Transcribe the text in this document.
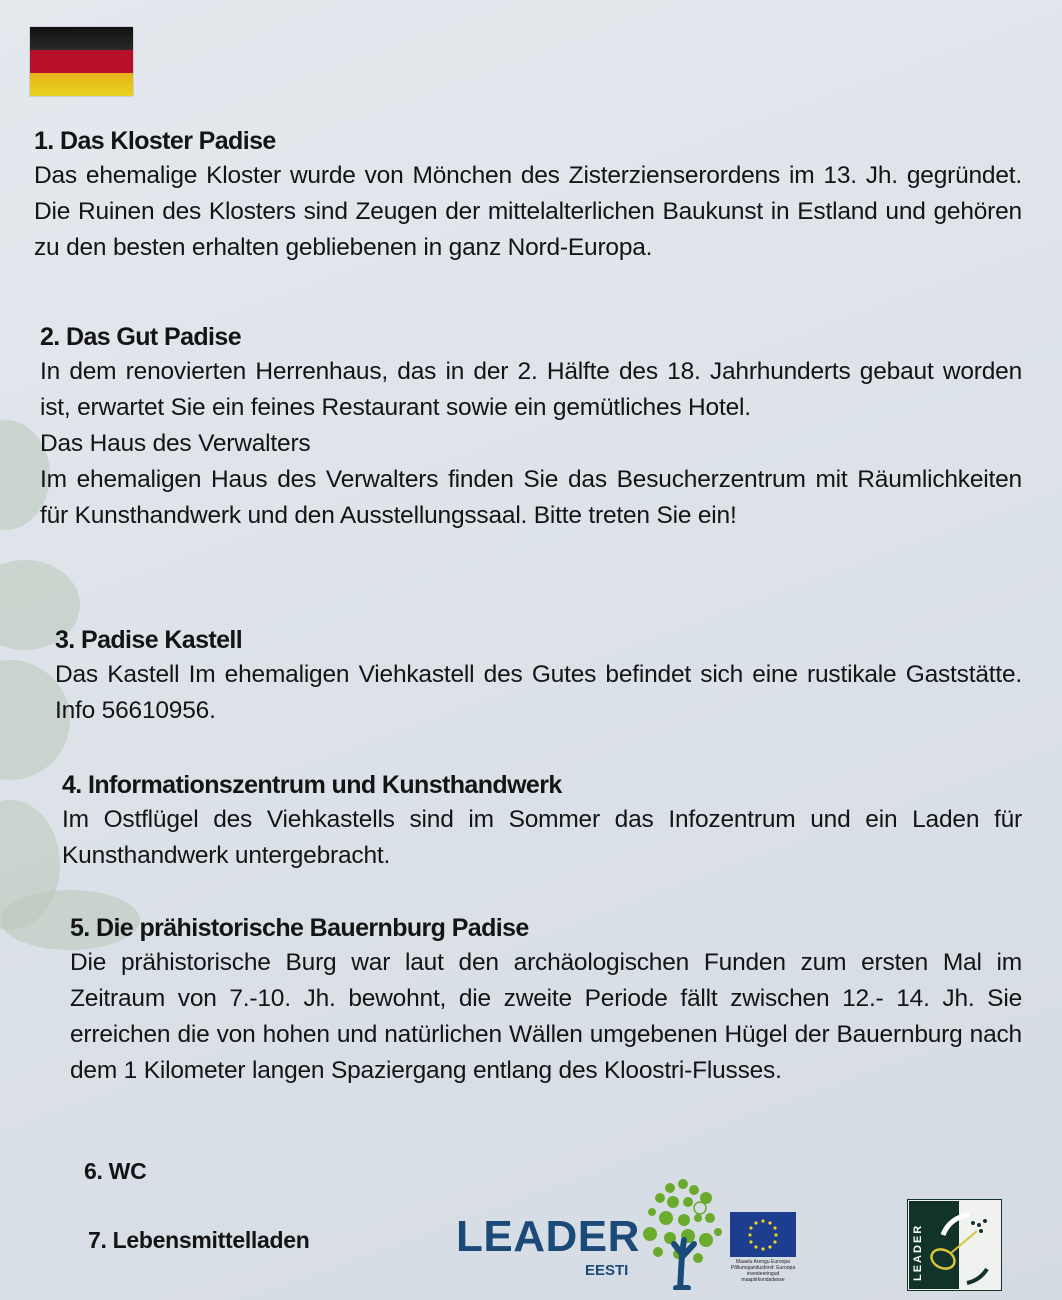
1. Das Kloster Padise

Das ehemalige Kloster wurde von Mönchen des Zisterzienserordens im 13. Jh. gegründet. Die Ruinen des Klosters sind Zeugen der mittelalterlichen Baukunst in Estland und gehören zu den besten erhalten gebliebenen in ganz Nord-Europa.

2. Das Gut Padise

In dem renovierten Herrenhaus, das in der 2. Hälfte des 18. Jahrhunderts gebaut worden ist, erwartet Sie ein feines Restaurant sowie ein gemütliches Hotel.

Das Haus des Verwalters

Im ehemaligen Haus des Verwalters finden Sie das Besucherzentrum mit Räumlichkeiten für Kunsthandwerk und den Ausstellungssaal. Bitte treten Sie ein!

3. Padise Kastell

Das Kastell Im ehemaligen Viehkastell des Gutes befindet sich eine rustikale Gaststätte. Info 56610956.

4. Informationszentrum und Kunsthandwerk

Im Ostflügel des Viehkastells sind im Sommer das Infozentrum und ein Laden für Kunsthandwerk untergebracht.

5. Die prähistorische Bauernburg Padise

Die prähistorische Burg war laut den archäologischen Funden zum ersten Mal im Zeitraum von 7.-10. Jh. bewohnt, die zweite Periode fällt zwischen 12.- 14. Jh. Sie erreichen die von hohen und natürlichen Wällen umgebenen Hügel der Bauernburg nach dem 1 Kilometer langen Spaziergang entlang des Kloostri-Flusses.

6. WC
7. Lebensmittelladen	LEADER
EESTI	Maaelu Arengu Euroopa Põllumajandusfond: Euroopa investeeringud maapiirkondadesse	LEADER
